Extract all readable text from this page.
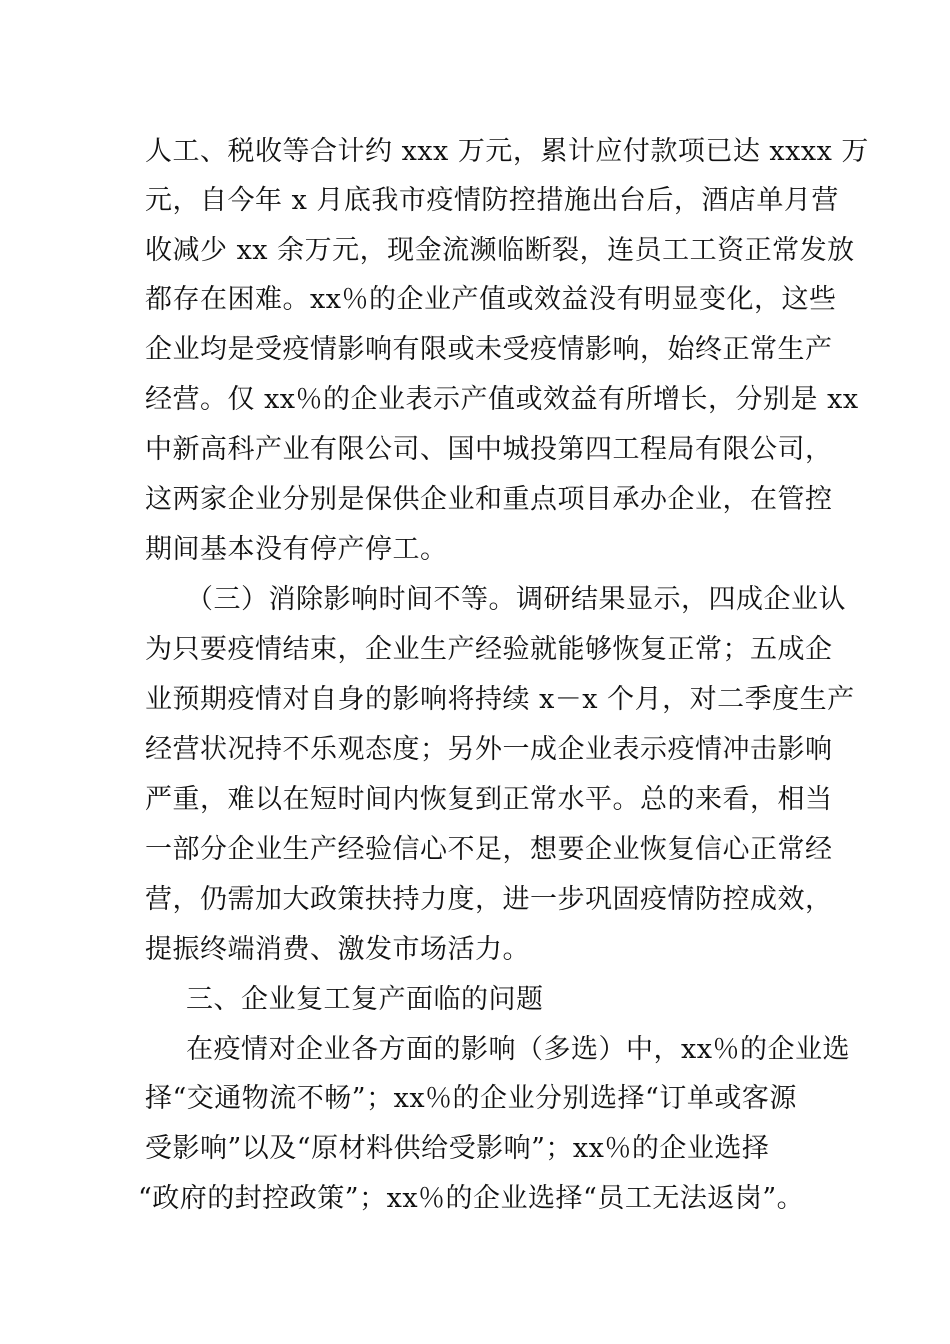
人工、税收等合计约 xxx 万元，累计应付款项已达 xxxx 万
元，自今年 x 月底我市疫情防控措施出台后，酒店单月营
收减少 xx 余万元，现金流濒临断裂，连员工工资正常发放
都存在困难。xx％的企业产值或效益没有明显变化，这些
企业均是受疫情影响有限或未受疫情影响，始终正常生产
经营。仅 xx％的企业表示产值或效益有所增长，分别是 xx
中新高科产业有限公司、国中城投第四工程局有限公司，
这两家企业分别是保供企业和重点项目承办企业，在管控
期间基本没有停产停工。
（三）消除影响时间不等。调研结果显示，四成企业认
为只要疫情结束，企业生产经验就能够恢复正常；五成企
业预期疫情对自身的影响将持续 x－x 个月，对二季度生产
经营状况持不乐观态度；另外一成企业表示疫情冲击影响
严重，难以在短时间内恢复到正常水平。总的来看，相当
一部分企业生产经验信心不足，想要企业恢复信心正常经
营，仍需加大政策扶持力度，进一步巩固疫情防控成效，
提振终端消费、激发市场活力。
三、企业复工复产面临的问题
在疫情对企业各方面的影响（多选）中，xx％的企业选
择“交通物流不畅”；xx％的企业分别选择“订单或客源
受影响”以及“原材料供给受影响”；xx％的企业选择
“政府的封控政策”；xx％的企业选择“员工无法返岗”。
